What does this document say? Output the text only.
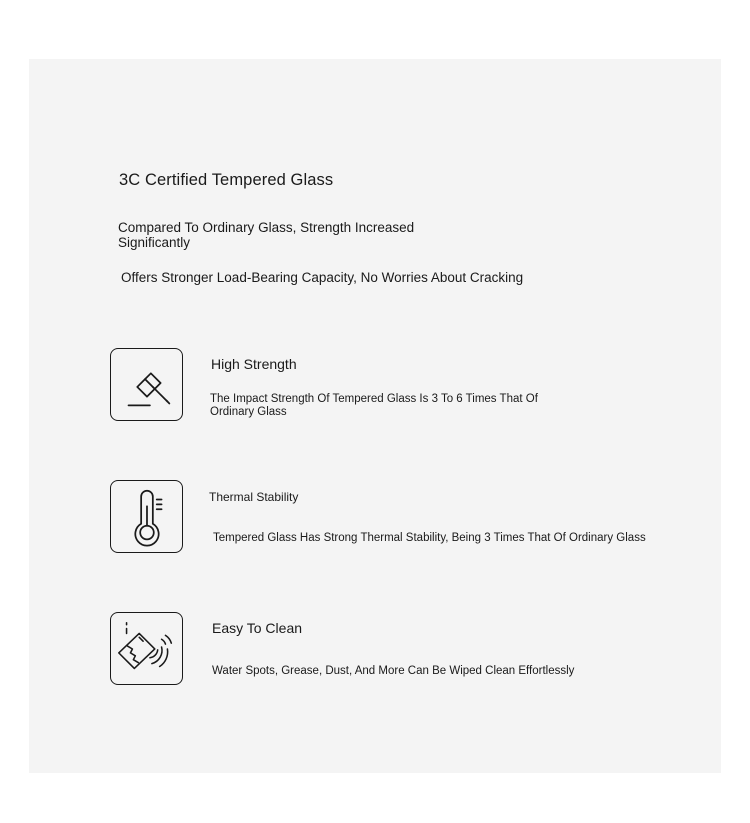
3C Certified Tempered Glass
Compared To Ordinary Glass, Strength Increased Significantly
Offers Stronger Load-Bearing Capacity, No Worries About Cracking
High Strength
The Impact Strength Of Tempered Glass Is 3 To 6 Times That Of Ordinary Glass
Thermal Stability
Tempered Glass Has Strong Thermal Stability, Being 3 Times That Of Ordinary Glass
Easy To Clean
Water Spots, Grease, Dust, And More Can Be Wiped Clean Effortlessly
